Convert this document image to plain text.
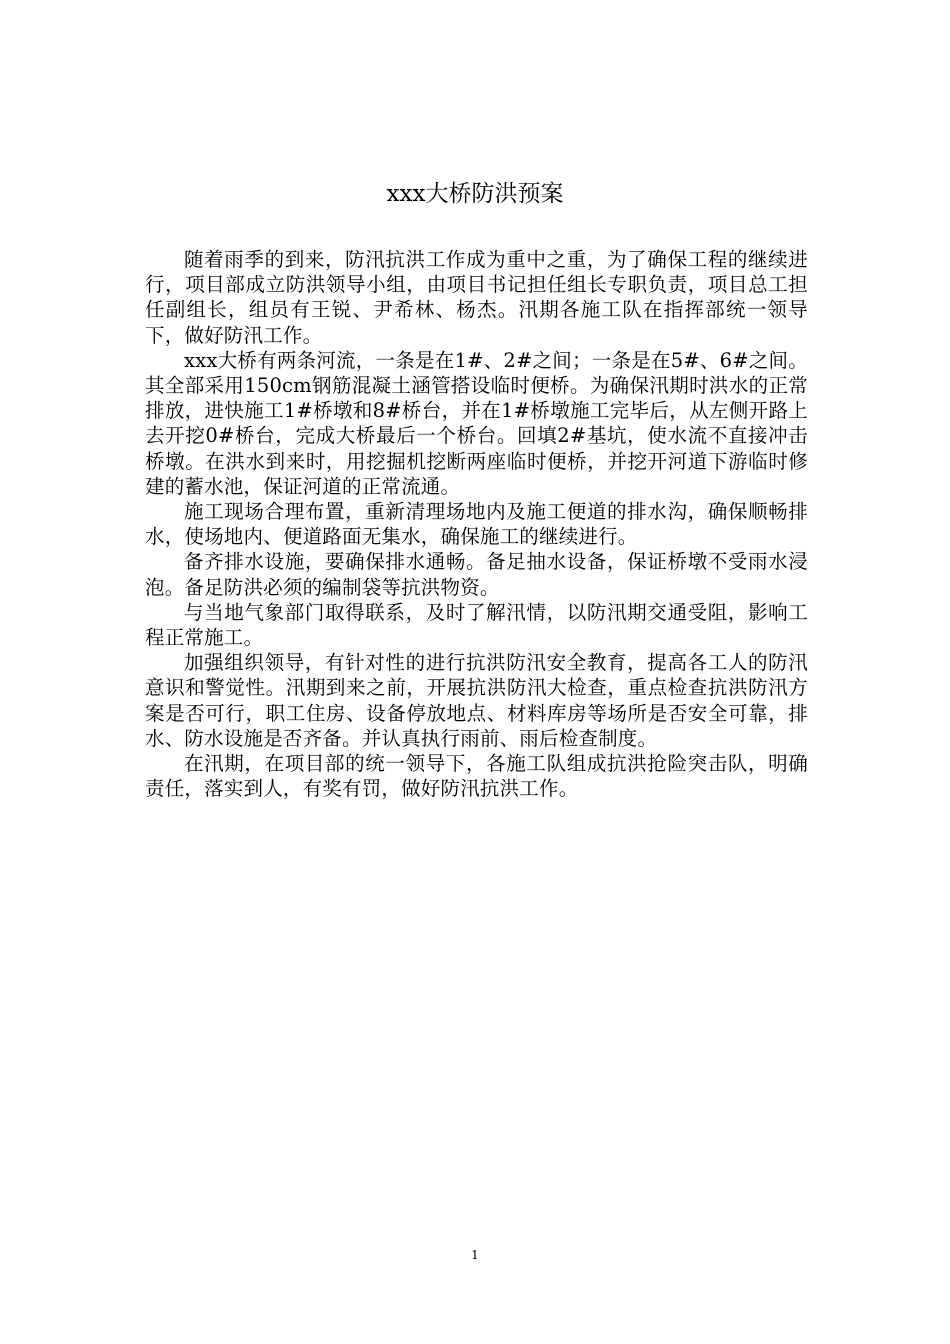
xxx大桥防洪预案

随着雨季的到来，防汛抗洪工作成为重中之重，为了确保工程的继续进行，项目部成立防洪领导小组，由项目书记担任组长专职负责，项目总工担任副组长，组员有王锐、尹希林、杨杰。汛期各施工队在指挥部统一领导下，做好防汛工作。

xxx大桥有两条河流，一条是在1#、2#之间；一条是在5#、6#之间。其全部采用150cm钢筋混凝土涵管搭设临时便桥。为确保汛期时洪水的正常排放，进快施工1#桥墩和8#桥台，并在1#桥墩施工完毕后，从左侧开路上去开挖0#桥台，完成大桥最后一个桥台。回填2#基坑，使水流不直接冲击桥墩。在洪水到来时，用挖掘机挖断两座临时便桥，并挖开河道下游临时修建的蓄水池，保证河道的正常流通。

施工现场合理布置，重新清理场地内及施工便道的排水沟，确保顺畅排水，使场地内、便道路面无集水，确保施工的继续进行。

备齐排水设施，要确保排水通畅。备足抽水设备，保证桥墩不受雨水浸泡。备足防洪必须的编制袋等抗洪物资。

与当地气象部门取得联系，及时了解汛情，以防汛期交通受阻，影响工程正常施工。

加强组织领导，有针对性的进行抗洪防汛安全教育，提高各工人的防汛意识和警觉性。汛期到来之前，开展抗洪防汛大检查，重点检查抗洪防汛方案是否可行，职工住房、设备停放地点、材料库房等场所是否安全可靠，排水、防水设施是否齐备。并认真执行雨前、雨后检查制度。

在汛期，在项目部的统一领导下，各施工队组成抗洪抢险突击队，明确责任，落实到人，有奖有罚，做好防汛抗洪工作。

1
